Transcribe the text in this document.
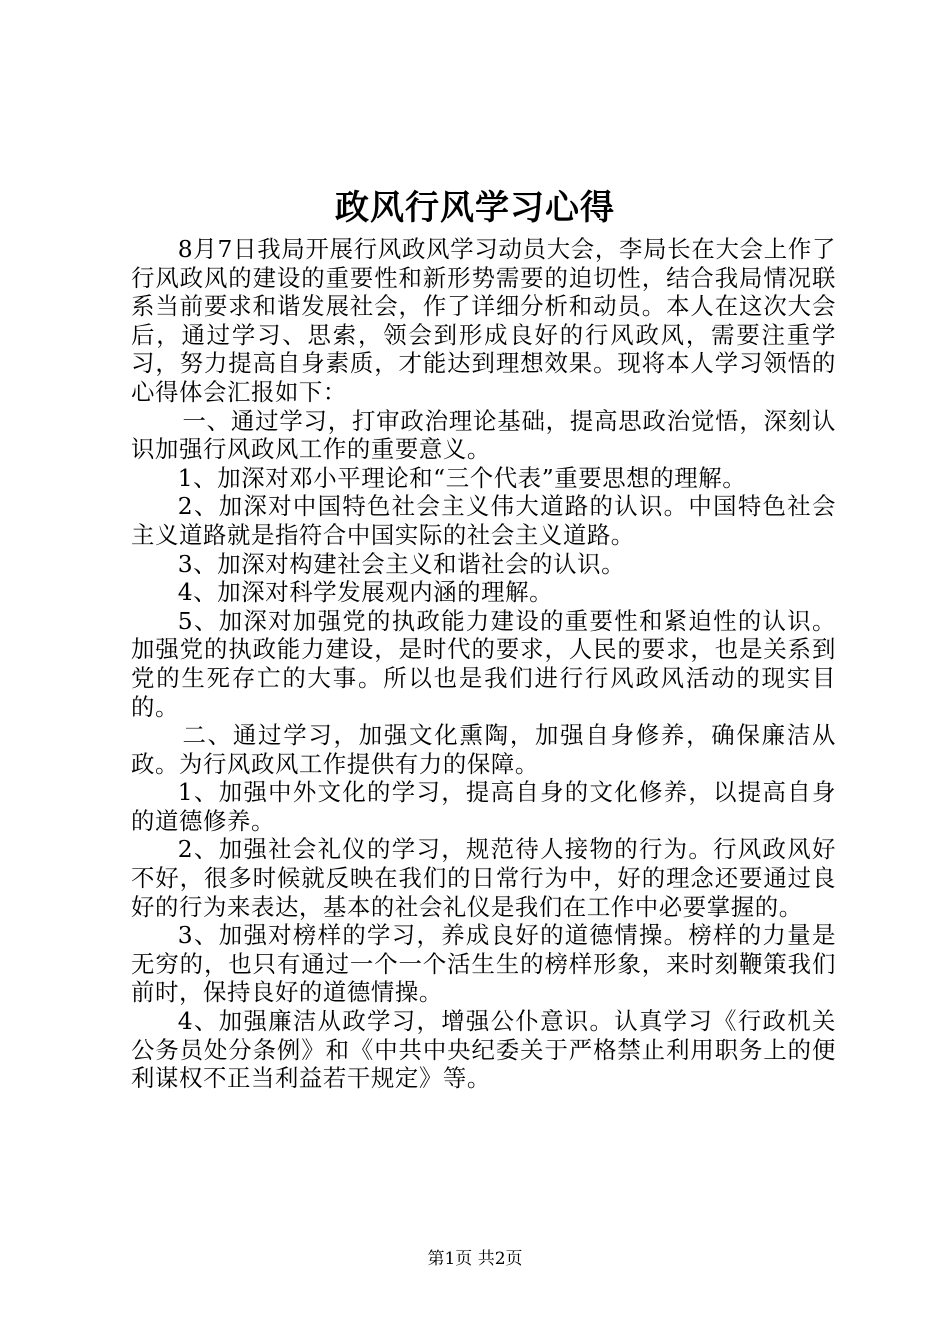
政风行风学习心得

8月7日我局开展行风政风学习动员大会，李局长在大会上作了行风政风的建设的重要性和新形势需要的迫切性，结合我局情况联系当前要求和谐发展社会，作了详细分析和动员。本人在这次大会后，通过学习、思索，领会到形成良好的行风政风，需要注重学习，努力提高自身素质，才能达到理想效果。现将本人学习领悟的心得体会汇报如下：

一、通过学习，打审政治理论基础，提高思政治觉悟，深刻认识加强行风政风工作的重要意义。

1、加深对邓小平理论和“三个代表”重要思想的理解。

2、加深对中国特色社会主义伟大道路的认识。中国特色社会主义道路就是指符合中国实际的社会主义道路。

3、加深对构建社会主义和谐社会的认识。

4、加深对科学发展观内涵的理解。

5、加深对加强党的执政能力建设的重要性和紧迫性的认识。加强党的执政能力建设，是时代的要求，人民的要求，也是关系到党的生死存亡的大事。所以也是我们进行行风政风活动的现实目的。

二、通过学习，加强文化熏陶，加强自身修养，确保廉洁从政。为行风政风工作提供有力的保障。

1、加强中外文化的学习，提高自身的文化修养，以提高自身的道德修养。

2、加强社会礼仪的学习，规范待人接物的行为。行风政风好不好，很多时候就反映在我们的日常行为中，好的理念还要通过良好的行为来表达，基本的社会礼仪是我们在工作中必要掌握的。

3、加强对榜样的学习，养成良好的道德情操。榜样的力量是无穷的，也只有通过一个一个活生生的榜样形象，来时刻鞭策我们前时，保持良好的道德情操。

4、加强廉洁从政学习，增强公仆意识。认真学习《行政机关公务员处分条例》和《中共中央纪委关于严格禁止利用职务上的便利谋权不正当利益若干规定》等。

第1页 共2页
